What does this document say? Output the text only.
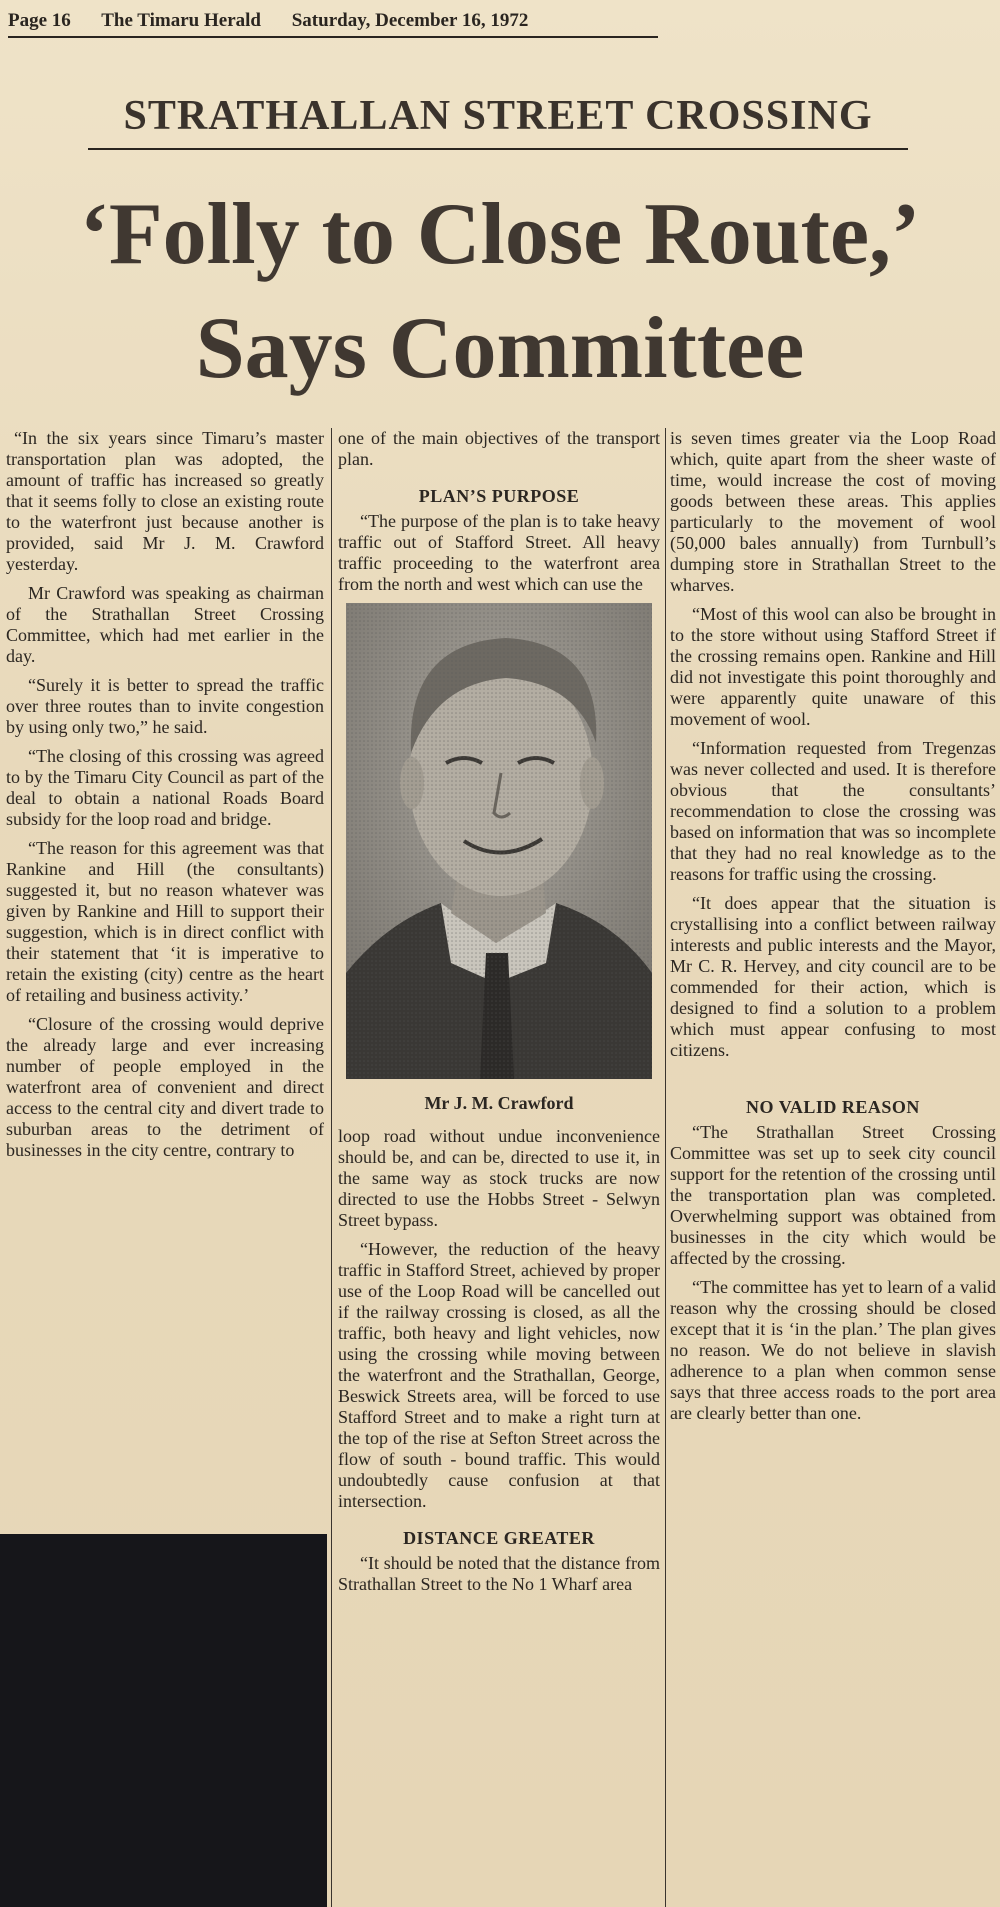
Page 16 The Timaru Herald Saturday, December 16, 1972
STRATHALLAN STREET CROSSING
‘Folly to Close Route,’
Says Committee

“In the six years since Timaru’s master transportation plan was adopted, the amount of traffic has increased so greatly that it seems folly to close an existing route to the waterfront just because another is provided, said Mr J. M. Crawford yesterday.

Mr Crawford was speaking as chairman of the Strathallan Street Crossing Committee, which had met earlier in the day.

“Surely it is better to spread the traffic over three routes than to invite congestion by using only two,” he said.

“The closing of this crossing was agreed to by the Timaru City Council as part of the deal to obtain a national Roads Board subsidy for the loop road and bridge.

“The reason for this agreement was that Rankine and Hill (the consultants) suggested it, but no reason whatever was given by Rankine and Hill to support their suggestion, which is in direct conflict with their statement that ‘it is imperative to retain the existing (city) centre as the heart of retailing and business activity.’

“Closure of the crossing would deprive the already large and ever increasing number of people employed in the waterfront area of convenient and direct access to the central city and divert trade to suburban areas to the detriment of businesses in the city centre, contrary to

one of the main objectives of the transport plan.

PLAN’S PURPOSE

“The purpose of the plan is to take heavy traffic out of Stafford Street. All heavy traffic proceeding to the waterfront area from the north and west which can use the

Mr J. M. Crawford

loop road without undue inconvenience should be, and can be, directed to use it, in the same way as stock trucks are now directed to use the Hobbs Street - Selwyn Street bypass.

“However, the reduction of the heavy traffic in Stafford Street, achieved by proper use of the Loop Road will be cancelled out if the railway crossing is closed, as all the traffic, both heavy and light vehicles, now using the crossing while moving between the waterfront and the Strathallan, George, Beswick Streets area, will be forced to use Stafford Street and to make a right turn at the top of the rise at Sefton Street across the flow of south - bound traffic. This would undoubtedly cause confusion at that intersection.

DISTANCE GREATER

“It should be noted that the distance from Strathallan Street to the No 1 Wharf area

is seven times greater via the Loop Road which, quite apart from the sheer waste of time, would increase the cost of moving goods between these areas. This applies particularly to the movement of wool (50,000 bales annually) from Turnbull’s dumping store in Strathallan Street to the wharves.

“Most of this wool can also be brought in to the store without using Stafford Street if the crossing remains open. Rankine and Hill did not investigate this point thoroughly and were apparently quite unaware of this movement of wool.

“Information requested from Tregenzas was never collected and used. It is therefore obvious that the consultants’ recommendation to close the crossing was based on information that was so incomplete that they had no real knowledge as to the reasons for traffic using the crossing.

“It does appear that the situation is crystallising into a conflict between railway interests and public interests and the Mayor, Mr C. R. Hervey, and city council are to be commended for their action, which is designed to find a solution to a problem which must appear confusing to most citizens.

NO VALID REASON

“The Strathallan Street Crossing Committee was set up to seek city council support for the retention of the crossing until the transportation plan was completed. Overwhelming support was obtained from businesses in the city which would be affected by the crossing.

“The committee has yet to learn of a valid reason why the crossing should be closed except that it is ‘in the plan.’ The plan gives no reason. We do not believe in slavish adherence to a plan when common sense says that three access roads to the port area are clearly better than one.
